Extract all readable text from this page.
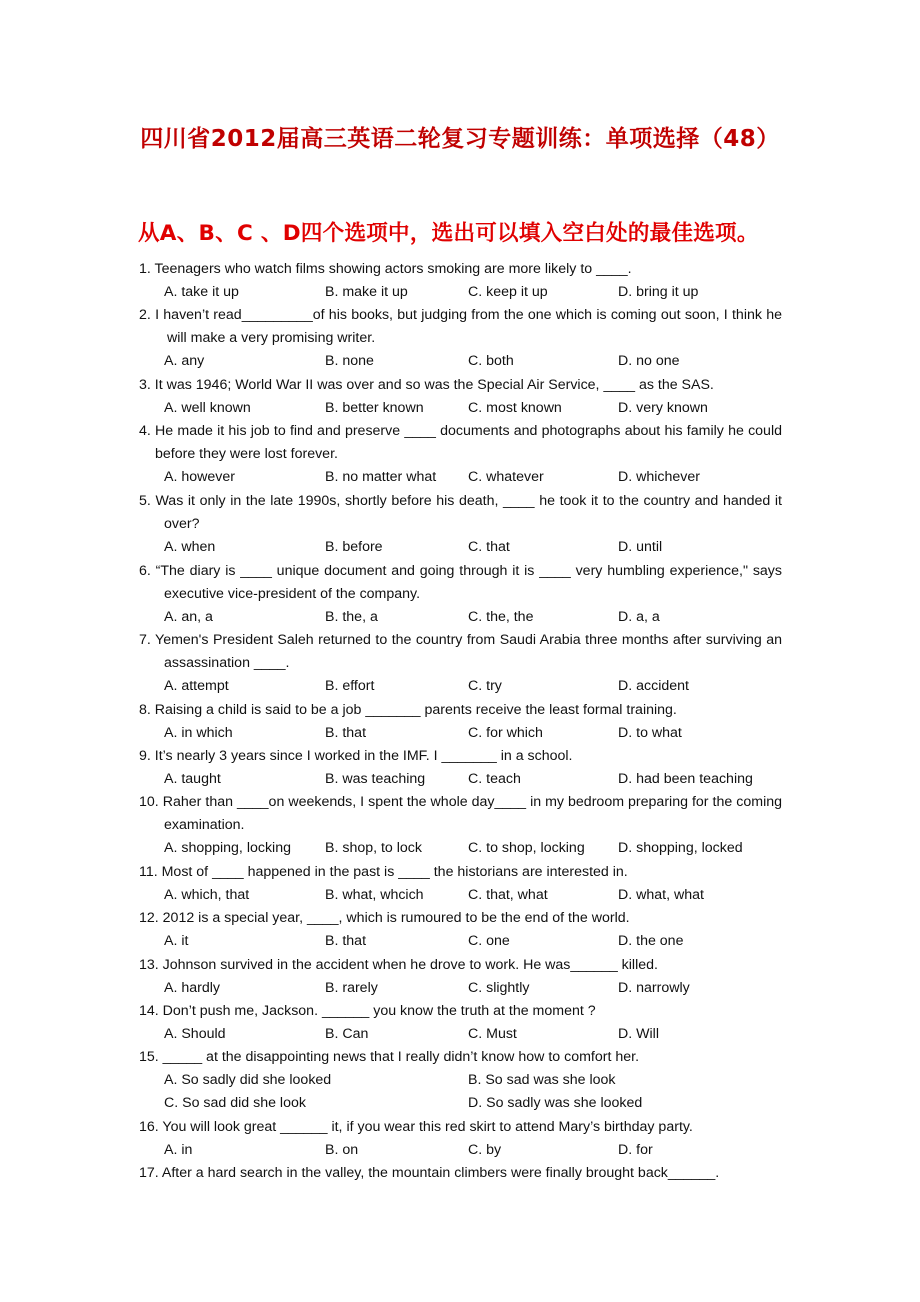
四川省2012届高三英语二轮复习专题训练：单项选择（48）
从A、B、C 、D四个选项中，选出可以填入空白处的最佳选项。
1. Teenagers who watch films showing actors smoking are more likely to ____.
A. take it up	B. make it up	C. keep it up	D. bring it up
2. I haven’t read_________of his books, but judging from the one which is coming out soon, I think he will make a very promising writer.
A. any	B. none	C. both	D. no one
3. It was 1946; World War II was over and so was the Special Air Service, ____ as the SAS.
A. well known	B. better known	C. most known	D. very known
4. He made it his job to find and preserve ____ documents and photographs about his family he could before they were lost forever.
A. however	B. no matter what C. whatever	D. whichever
5. Was it only in the late 1990s, shortly before his death, ____ he took it to the country and handed it over?
A. when	B. before	C. that	D. until
6. “The diary is ____ unique document and going through it is ____ very humbling experience," says executive vice-president of the company.
A. an, a	B. the, a	C. the, the	D. a, a
7. Yemen's President Saleh returned to the country from Saudi Arabia three months after surviving an assassination ____.
A. attempt	B. effort	C. try	D. accident
8. Raising a child is said to be a job _______ parents receive the least formal training.
A. in which	B. that	C. for which	D. to what
9. It’s nearly 3 years since I worked in the IMF. I _______ in a school.
A. taught	B. was teaching	C. teach	D. had been teaching
10. Raher than ____on weekends, I spent the whole day____ in my bedroom preparing for the coming examination.
A. shopping, locking B. shop, to lock	C. to shop, locking D. shopping, locked
11. Most of ____ happened in the past is ____ the historians are interested in.
A. which, that	B. what, whcich	C. that, what	D. what, what
12. 2012 is a special year, ____, which is rumoured to be the end of the world.
A. it	B. that	C. one	D. the one
13. Johnson survived in the accident when he drove to work. He was______ killed.
A. hardly	B. rarely	C. slightly	D. narrowly
14. Don’t push me, Jackson. ______ you know the truth at the moment ?
A. Should	B. Can	C. Must	D. Will
15. _____ at the disappointing news that I really didn’t know how to comfort her.
A. So sadly did she looked	B. So sad was she look
C. So sad did she look	D. So sadly was she looked
16. You will look great ______ it, if you wear this red skirt to attend Mary’s birthday party.
A. in	B. on	C. by	D. for
17. After a hard search in the valley, the mountain climbers were finally brought back______.
